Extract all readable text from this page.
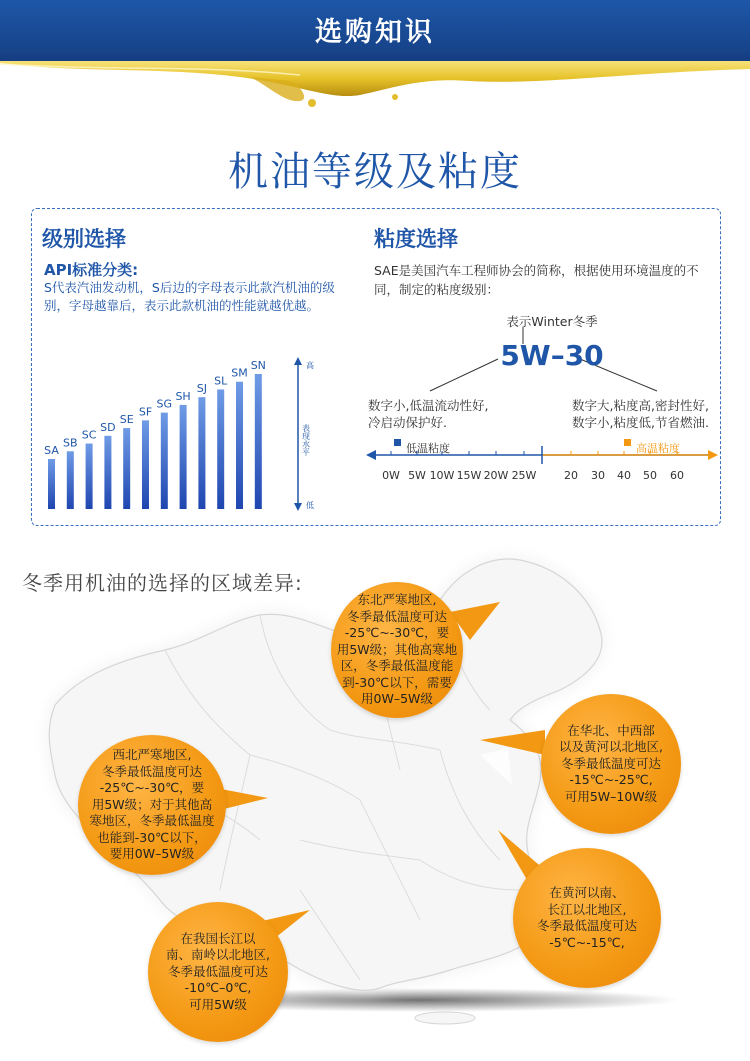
选购知识
机油等级及粘度
级别选择
API标准分类:
S代表汽油发动机，S后边的字母表示此款汽机油的级别，字母越靠后，表示此款机油的性能就越优越。
粘度选择
SAE是美国汽车工程师协会的简称，根据使用环境温度的不同，制定的粘度级别：
SA
SB
SC
SD
SE
SF
SG
SH
SJ
SL
SM
SN	高
表现水平
低
表示Winter冬季
5W–30
数字小,低温流动性好,
冷启动保护好.
数字大,粘度高,密封性好,
数字小,粘度低,节省燃油.
低温粘度	高温粘度
0W 5W 10W 15W 20W 25W	20	30	40	50	60
冬季用机油的选择的区域差异:
东北严寒地区,
冬季最低温度可达
-25℃~-30℃，要
用5W级；其他高寒地
区，冬季最低温度能
到-30℃以下，需要
用0W–5W级
在华北、中西部
以及黄河以北地区,
冬季最低温度可达
-15℃~-25℃,
可用5W–10W级
西北严寒地区,
冬季最低温度可达
-25℃~-30℃，要
用5W级；对于其他高
寒地区，冬季最低温度
也能到-30℃以下，
要用0W–5W级
在黄河以南、
长江以北地区,
冬季最低温度可达
-5℃~-15℃,
在我国长江以
南、南岭以北地区,
冬季最低温度可达
-10℃–0℃,
可用5W级
